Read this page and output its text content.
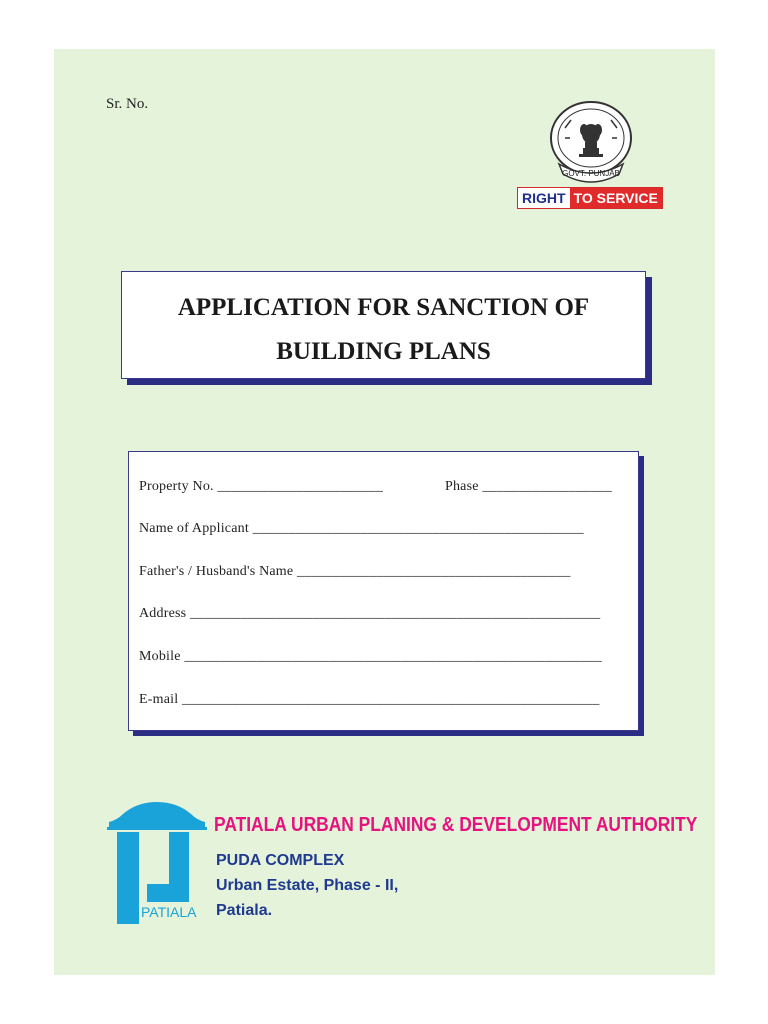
Sr. No.
GOVT. PUNJAB
RIGHT TO SERVICE
APPLICATION FOR SANCTION OF
BUILDING PLANS
Property No. _______________________	Phase __________________
Name of Applicant ______________________________________________
Father's / Husband's Name ______________________________________
Address _________________________________________________________
Mobile __________________________________________________________
E-mail __________________________________________________________
PATIALA
PATIALA URBAN PLANING & DEVELOPMENT AUTHORITY
PUDA COMPLEX
Urban Estate, Phase - II,
Patiala.
